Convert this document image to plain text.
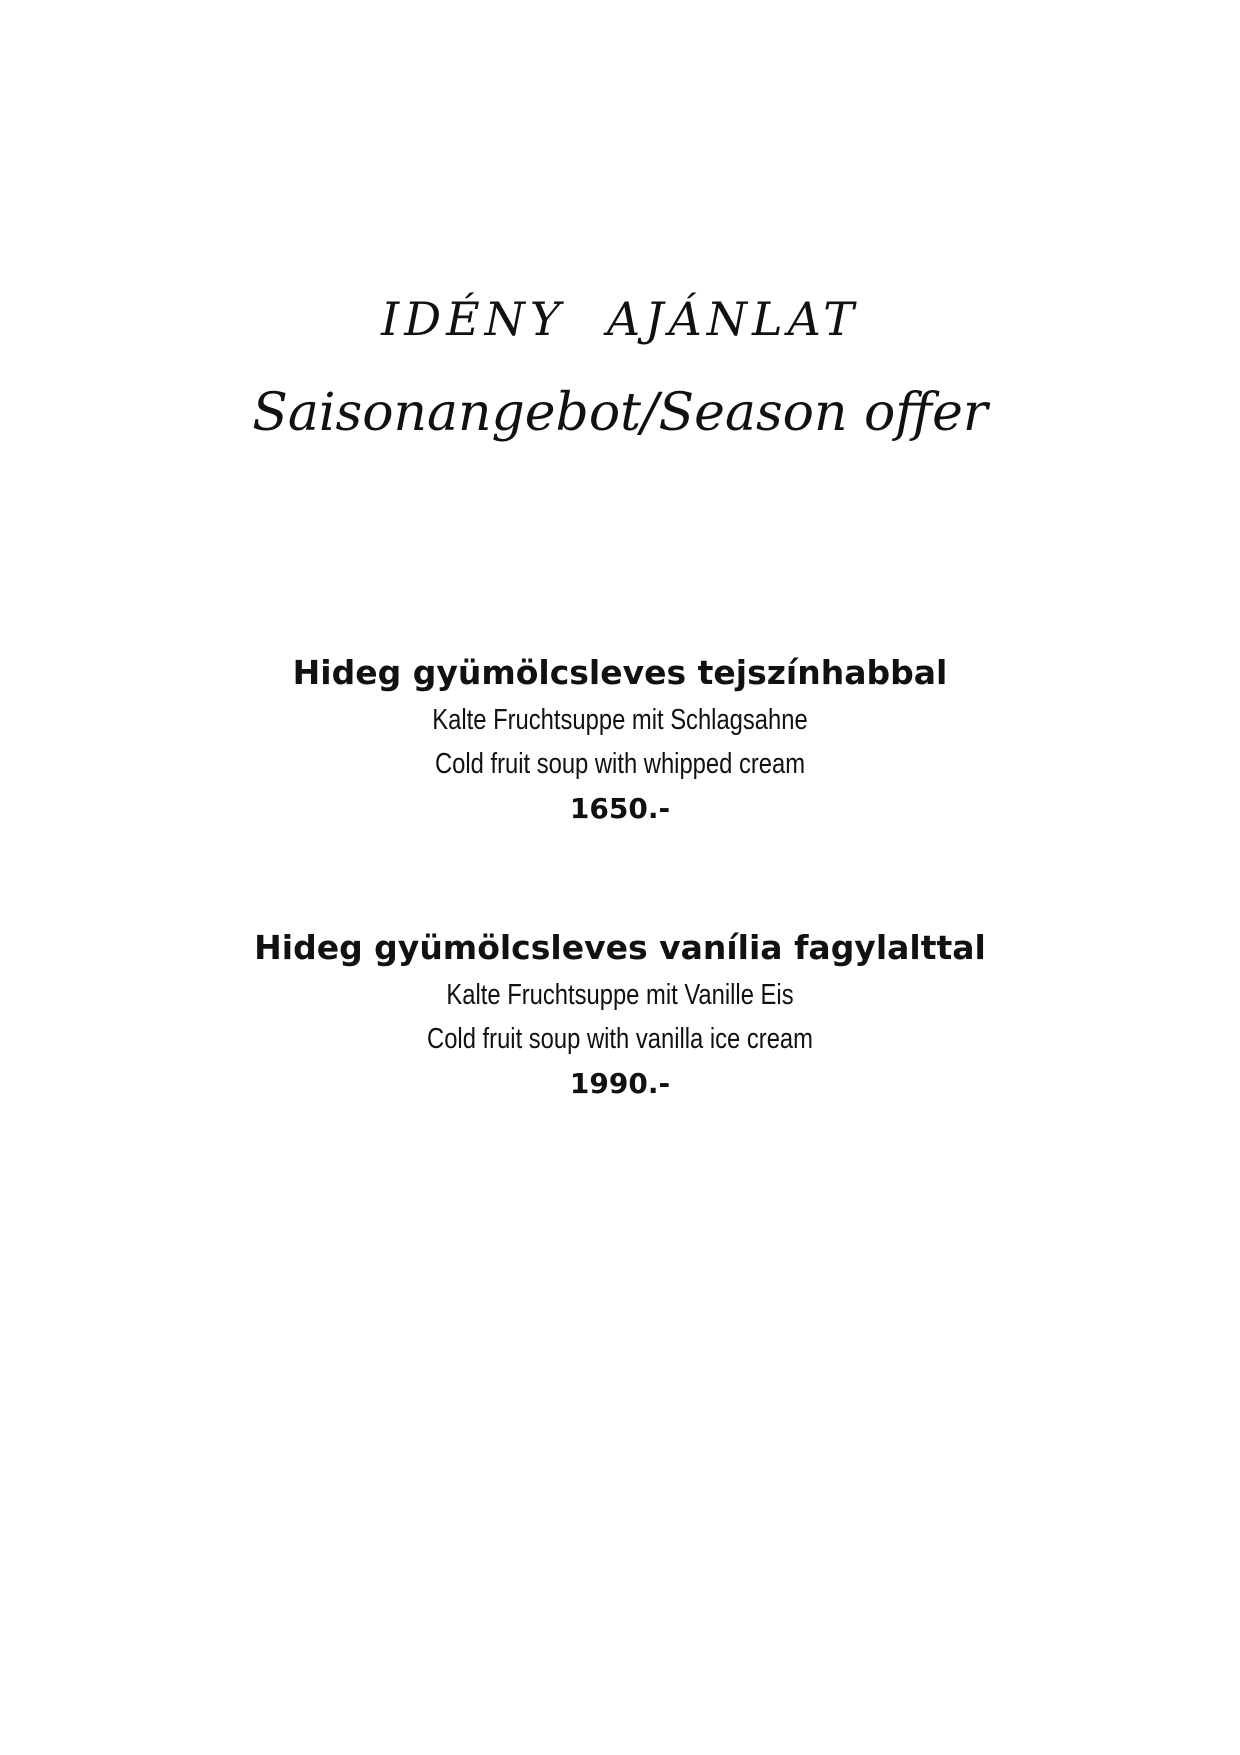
IDÉNY AJÁNLAT
Saisonangebot/Season offer
Hideg gyümölcsleves tejszínhabbal
Kalte Fruchtsuppe mit Schlagsahne
Cold fruit soup with whipped cream
1650.-
Hideg gyümölcsleves vanília fagylalttal
Kalte Fruchtsuppe mit Vanille Eis
Cold fruit soup with vanilla ice cream
1990.-
